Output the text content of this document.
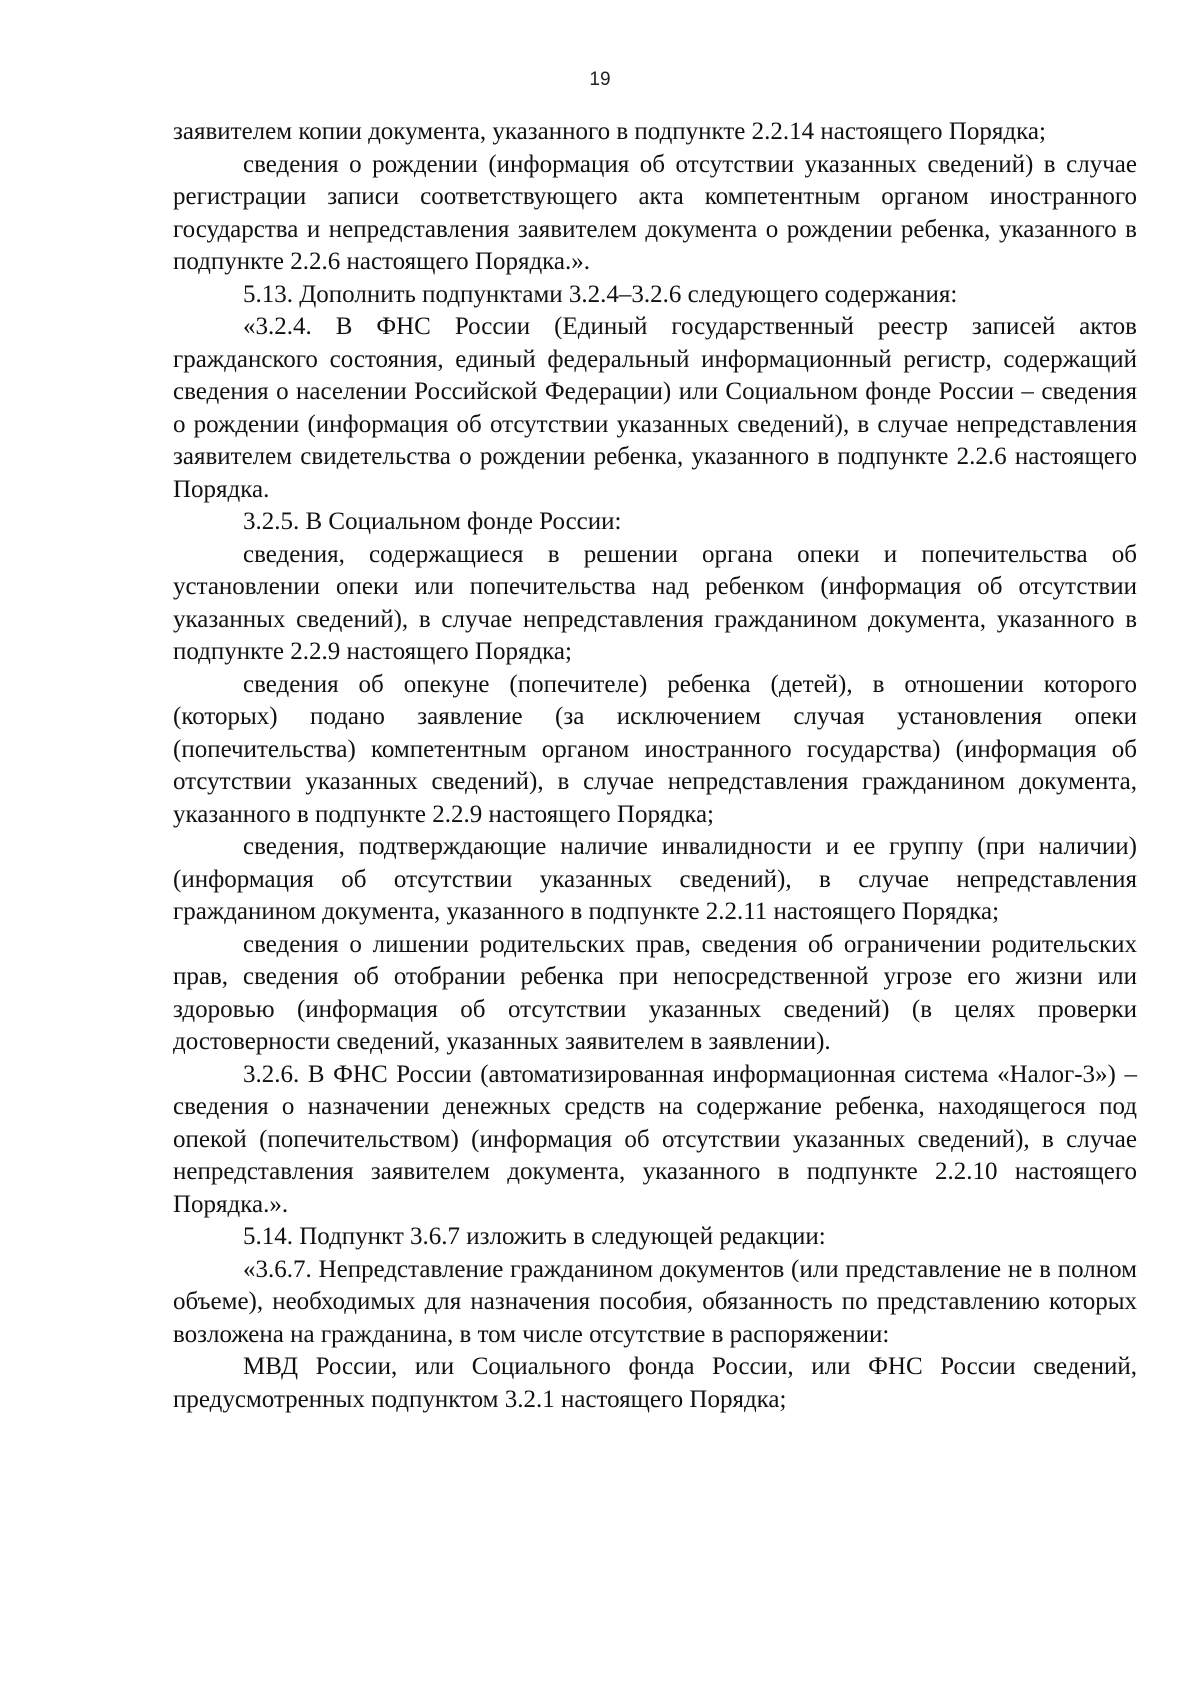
19

заявителем копии документа, указанного в подпункте 2.2.14 настоящего Порядка;

сведения о рождении (информация об отсутствии указанных сведений) в случае регистрации записи соответствующего акта компетентным органом иностранного государства и непредставления заявителем документа о рождении ребенка, указанного в подпункте 2.2.6 настоящего Порядка.».

5.13. Дополнить подпунктами 3.2.4–3.2.6 следующего содержания:

«3.2.4. В ФНС России (Единый государственный реестр записей актов гражданского состояния, единый федеральный информационный регистр, содержащий сведения о населении Российской Федерации) или Социальном фонде России – сведения о рождении (информация об отсутствии указанных сведений), в случае непредставления заявителем свидетельства о рождении ребенка, указанного в подпункте 2.2.6 настоящего Порядка.

3.2.5. В Социальном фонде России:

сведения, содержащиеся в решении органа опеки и попечительства об установлении опеки или попечительства над ребенком (информация об отсутствии указанных сведений), в случае непредставления гражданином документа, указанного в подпункте 2.2.9 настоящего Порядка;

сведения об опекуне (попечителе) ребенка (детей), в отношении которого (которых) подано заявление (за исключением случая установления опеки (попечительства) компетентным органом иностранного государства) (информация об отсутствии указанных сведений), в случае непредставления гражданином документа, указанного в подпункте 2.2.9 настоящего Порядка;

сведения, подтверждающие наличие инвалидности и ее группу (при наличии) (информация об отсутствии указанных сведений), в случае непредставления гражданином документа, указанного в подпункте 2.2.11 настоящего Порядка;

сведения о лишении родительских прав, сведения об ограничении родительских прав, сведения об отобрании ребенка при непосредственной угрозе его жизни или здоровью (информация об отсутствии указанных сведений) (в целях проверки достоверности сведений, указанных заявителем в заявлении).

3.2.6. В ФНС России (автоматизированная информационная система «Налог-3») – сведения о назначении денежных средств на содержание ребенка, находящегося под опекой (попечительством) (информация об отсутствии указанных сведений), в случае непредставления заявителем документа, указанного в подпункте 2.2.10 настоящего Порядка.».

5.14. Подпункт 3.6.7 изложить в следующей редакции:

«3.6.7. Непредставление гражданином документов (или представление не в полном объеме), необходимых для назначения пособия, обязанность по представлению которых возложена на гражданина, в том числе отсутствие в распоряжении:

МВД России, или Социального фонда России, или ФНС России сведений, предусмотренных подпунктом 3.2.1 настоящего Порядка;
